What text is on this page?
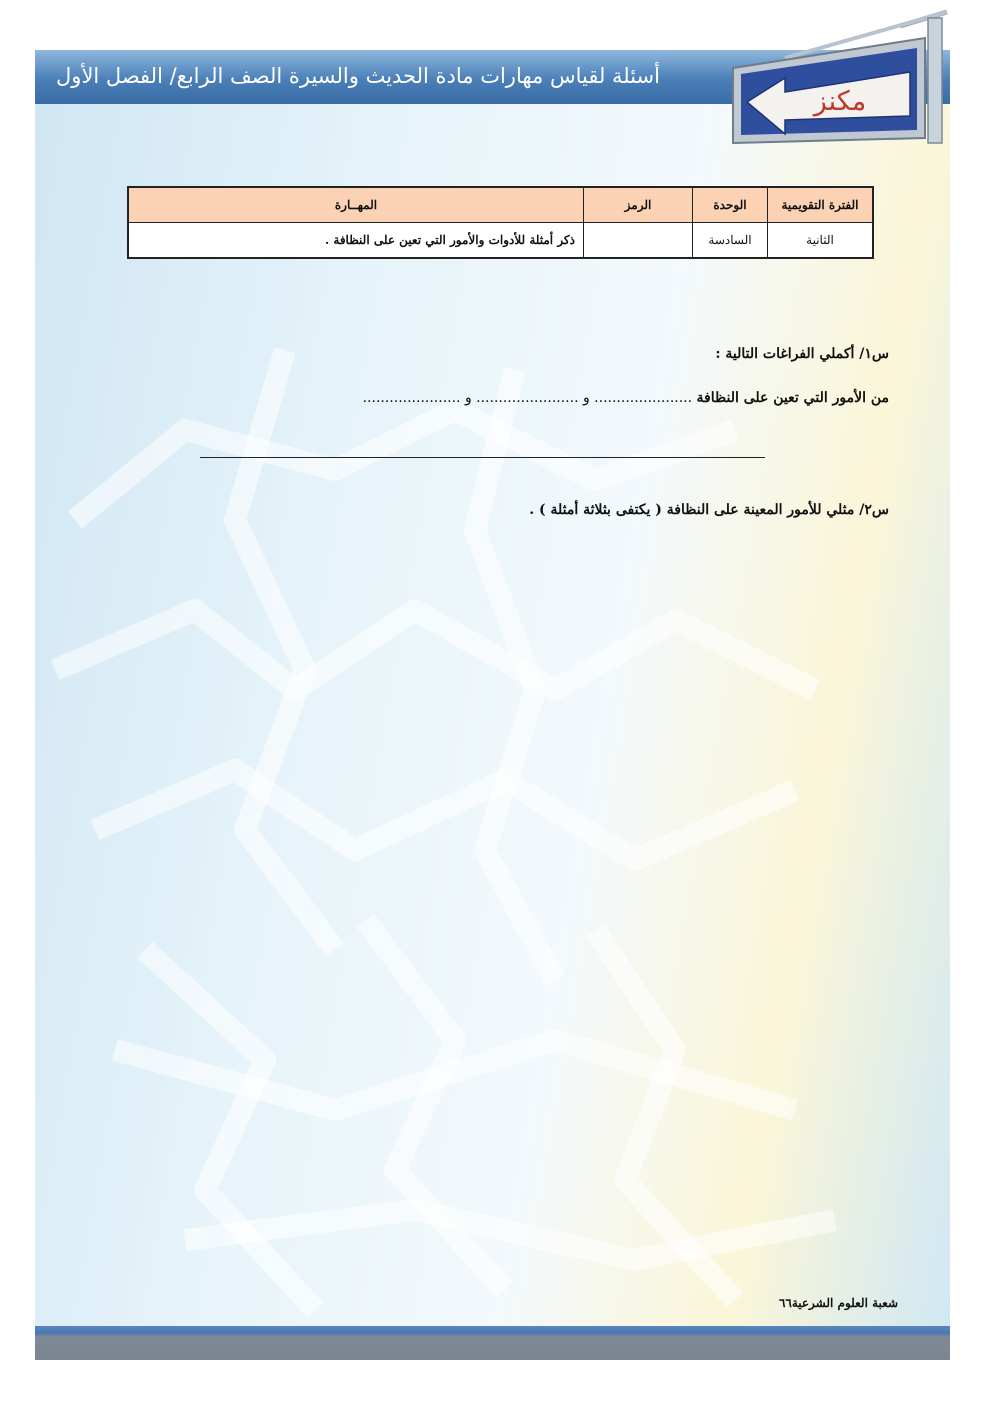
أسئلة لقياس مهارات مادة الحديث والسيرة الصف الرابع/ الفصل الأول
مكنز
الفترة التقويمية	الوحدة	الرمز	المهــارة
الثانية	السادسة		ذكر أمثلة للأدوات والأمور التي تعين على النظافة .
س١/ أكملي الفراغات التالية :
من الأمور التي تعين على النظافة ...................... و ....................... و ......................
س٢/ مثلي للأمور المعينة على النظافة ( يكتفى بثلاثة أمثلة ) .
شعبة العلوم الشرعية٦٦
